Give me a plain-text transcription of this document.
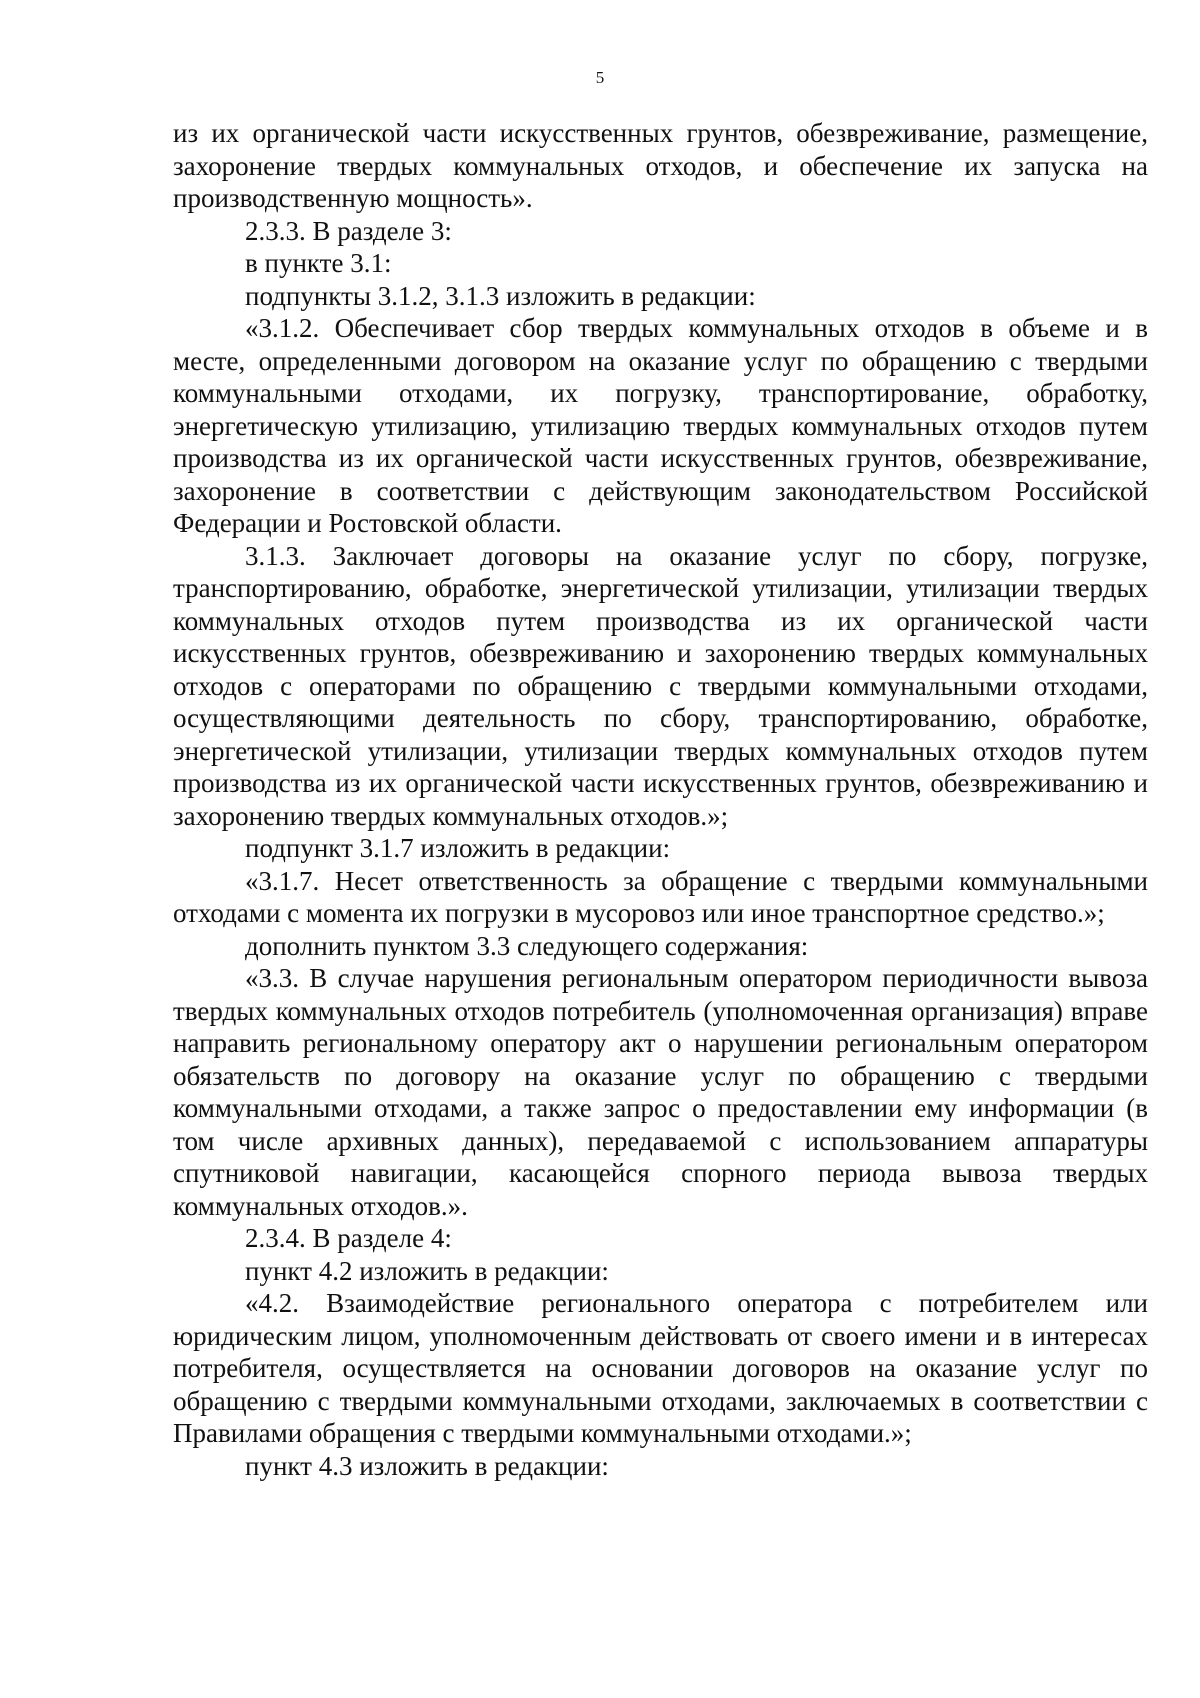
5

из их органической части искусственных грунтов, обезвреживание, размещение, захоронение твердых коммунальных отходов, и обеспечение их запуска на производственную мощность».

2.3.3. В разделе 3:

в пункте 3.1:

подпункты 3.1.2, 3.1.3 изложить в редакции:

«3.1.2. Обеспечивает сбор твердых коммунальных отходов в объеме и в месте, определенными договором на оказание услуг по обращению с твердыми коммунальными отходами, их погрузку, транспортирование, обработку, энергетическую утилизацию, утилизацию твердых коммунальных отходов путем производства из их органической части искусственных грунтов, обезвреживание, захоронение в соответствии с действующим законодательством Российской Федерации и Ростовской области.

3.1.3. Заключает договоры на оказание услуг по сбору, погрузке, транспортированию, обработке, энергетической утилизации, утилизации твердых коммунальных отходов путем производства из их органической части искусственных грунтов, обезвреживанию и захоронению твердых коммунальных отходов с операторами по обращению с твердыми коммунальными отходами, осуществляющими деятельность по сбору, транспортированию, обработке, энергетической утилизации, утилизации твердых коммунальных отходов путем производства из их органической части искусственных грунтов, обезвреживанию и захоронению твердых коммунальных отходов.»;

подпункт 3.1.7 изложить в редакции:

«3.1.7. Несет ответственность за обращение с твердыми коммунальными отходами с момента их погрузки в мусоровоз или иное транспортное средство.»;

дополнить пунктом 3.3 следующего содержания:

«3.3. В случае нарушения региональным оператором периодичности вывоза твердых коммунальных отходов потребитель (уполномоченная организация) вправе направить региональному оператору акт о нарушении региональным оператором обязательств по договору на оказание услуг по обращению с твердыми коммунальными отходами, а также запрос о предоставлении ему информации (в том числе архивных данных), передаваемой с использованием аппаратуры спутниковой навигации, касающейся спорного периода вывоза твердых коммунальных отходов.».

2.3.4. В разделе 4:

пункт 4.2 изложить в редакции:

«4.2. Взаимодействие регионального оператора с потребителем или юридическим лицом, уполномоченным действовать от своего имени и в интересах потребителя, осуществляется на основании договоров на оказание услуг по обращению с твердыми коммунальными отходами, заключаемых в соответствии с Правилами обращения с твердыми коммунальными отходами.»;

пункт 4.3 изложить в редакции:
